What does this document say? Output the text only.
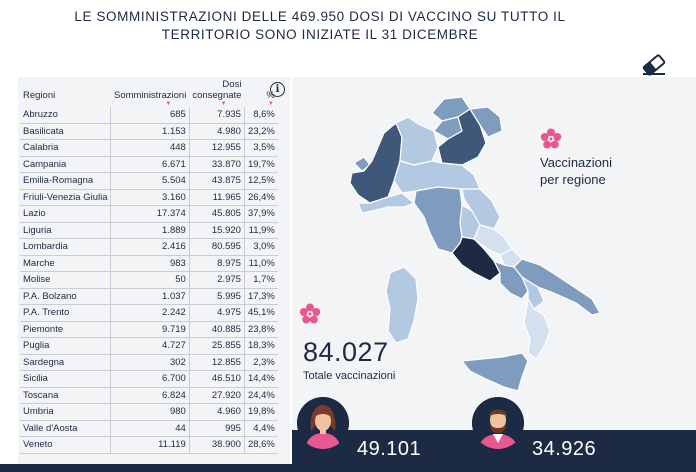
LE SOMMINISTRAZIONI DELLE 469.950 DOSI DI VACCINO SU TUTTO IL
TERRITORIO SONO INIZIATE IL 31 DICEMBRE
Regioni	Somministrazioni	Dosi consegnate	%
	▼	▼	▼
Abruzzo	685	7.935	8,6%
Basilicata	1.153	4.980	23,2%
Calabria	448	12.955	3,5%
Campania	6.671	33.870	19,7%
Emilia-Romagna	5.504	43.875	12,5%
Friuli-Venezia Giulia	3.160	11.965	26,4%
Lazio	17.374	45.805	37,9%
Liguria	1.889	15.920	11,9%
Lombardia	2.416	80.595	3,0%
Marche	983	8.975	11,0%
Molise	50	2.975	1,7%
P.A. Bolzano	1.037	5.995	17,3%
P.A. Trento	2.242	4.975	45,1%
Piemonte	9.719	40.885	23,8%
Puglia	4.727	25.855	18,3%
Sardegna	302	12.855	2,3%
Sicilia	6.700	46.510	14,4%
Toscana	6.824	27.920	24,4%
Umbria	980	4.960	19,8%
Valle d'Aosta	44	995	4,4%
Veneto	11.119	38.900	28,6%
i
Vaccinazioni
per regione
84.027
Totale vaccinazioni
49.101	34.926
